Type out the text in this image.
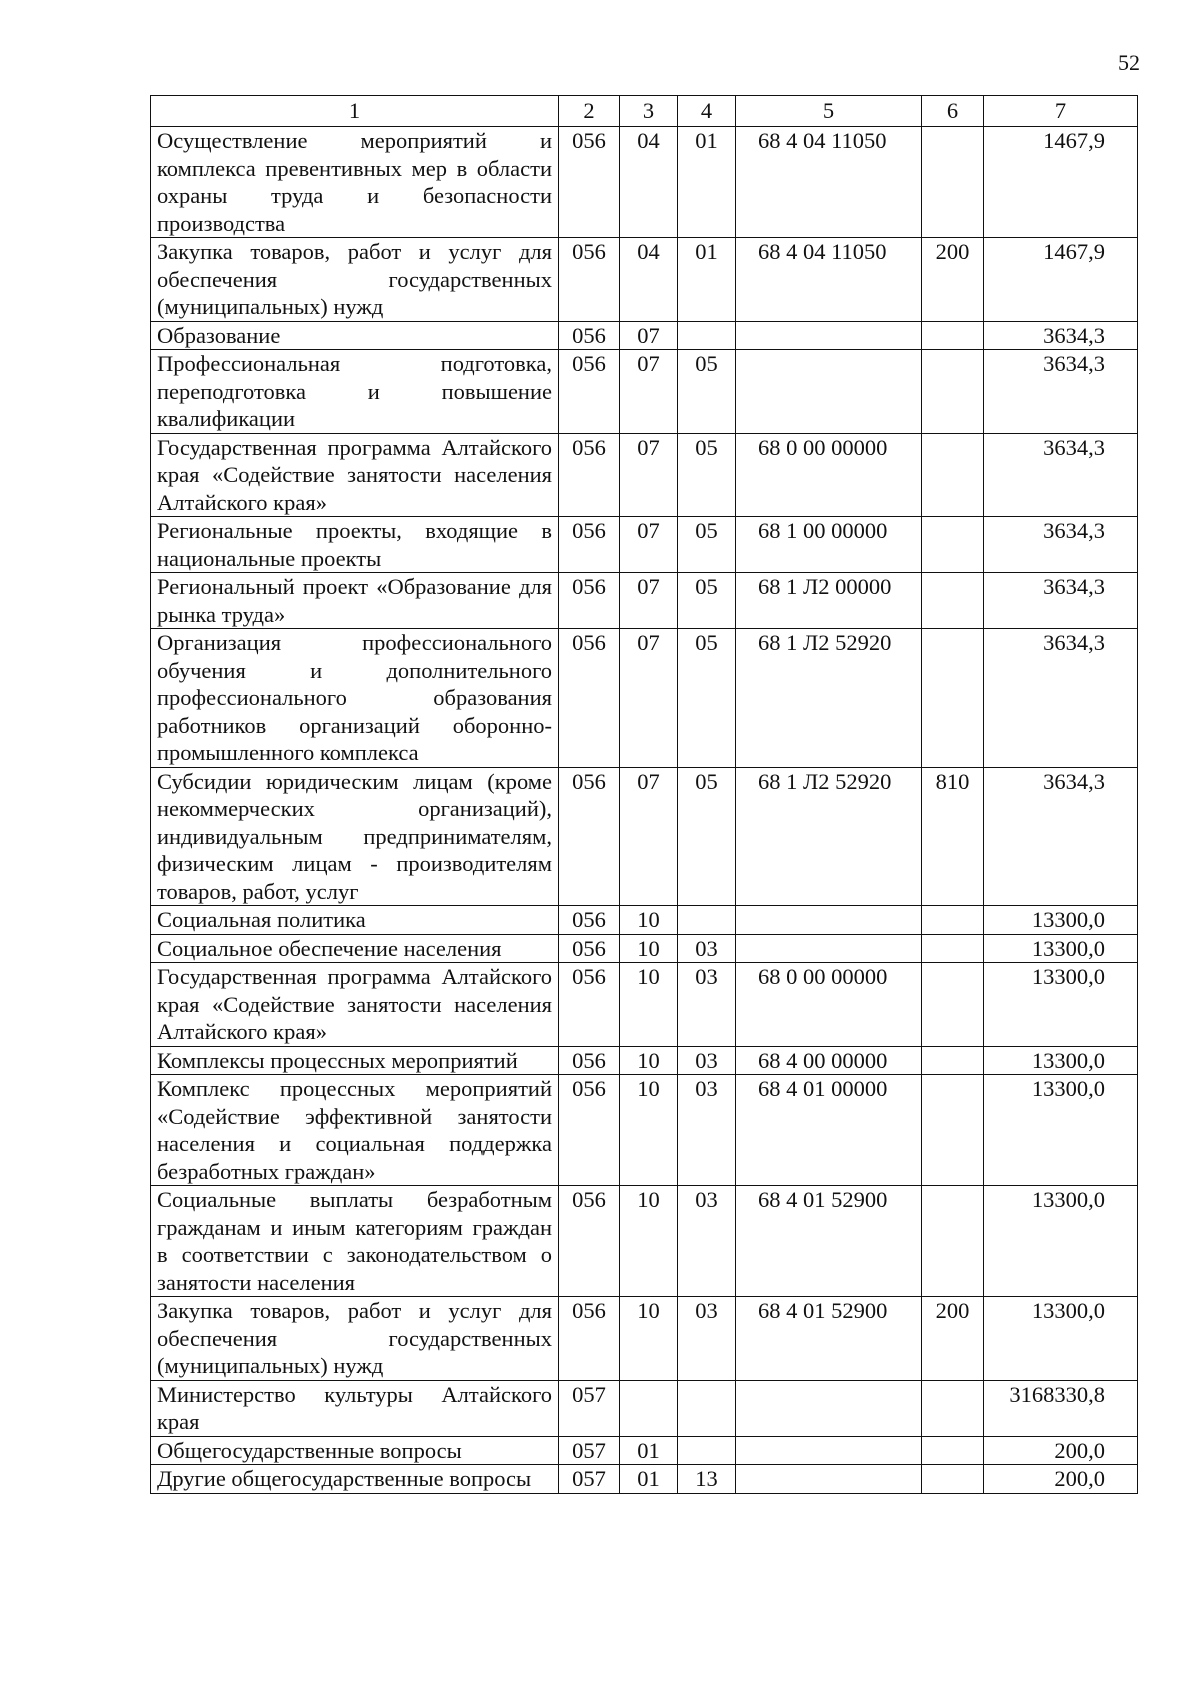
52
1	2	3	4	5	6	7
Осуществление мероприятий и комплекса превентивных мер в области охраны труда и безопасности производства	056	04	01	68 4 04 11050		1467,9
Закупка товаров, работ и услуг для обеспечения государственных (муниципальных) нужд	056	04	01	68 4 04 11050	200	1467,9
Образование	056	07				3634,3
Профессиональная подготовка, переподготовка и повышение квалификации	056	07	05			3634,3
Государственная программа Алтайского края «Содействие занятости населения Алтайского края»	056	07	05	68 0 00 00000		3634,3
Региональные проекты, входящие в национальные проекты	056	07	05	68 1 00 00000		3634,3
Региональный проект «Образование для рынка труда»	056	07	05	68 1 Л2 00000		3634,3
Организация профессионального обучения и дополнительного профессионального образования работников организаций оборонно-промышленного комплекса	056	07	05	68 1 Л2 52920		3634,3
Субсидии юридическим лицам (кроме некоммерческих организаций), индивидуальным предпринимателям, физическим лицам - производителям товаров, работ, услуг	056	07	05	68 1 Л2 52920	810	3634,3
Социальная политика	056	10				13300,0
Социальное обеспечение населения	056	10	03			13300,0
Государственная программа Алтайского края «Содействие занятости населения Алтайского края»	056	10	03	68 0 00 00000		13300,0
Комплексы процессных мероприятий	056	10	03	68 4 00 00000		13300,0
Комплекс процессных мероприятий «Содействие эффективной занятости населения и социальная поддержка безработных граждан»	056	10	03	68 4 01 00000		13300,0
Социальные выплаты безработным гражданам и иным категориям граждан в соответствии с законодательством о занятости населения	056	10	03	68 4 01 52900		13300,0
Закупка товаров, работ и услуг для обеспечения государственных (муниципальных) нужд	056	10	03	68 4 01 52900	200	13300,0
Министерство культуры Алтайского края	057					3168330,8
Общегосударственные вопросы	057	01				200,0
Другие общегосударственные вопросы	057	01	13			200,0
